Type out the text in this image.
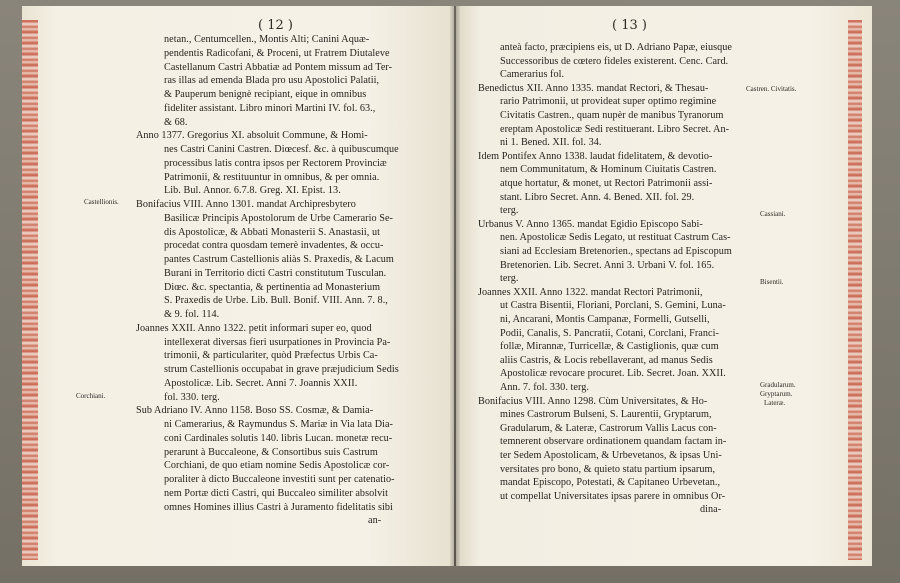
( 12 )	( 13 )
netan., Centumcellen., Montis Alti; Canini Aquæ-
pendentis Radicofani, & Proceni, ut Fratrem Diutaleve
Castellanum Castri Abbatiæ ad Pontem missum ad Ter-
ras illas ad emenda Blada pro usu Apostolici Palatii,
& Pauperum benignè recipiant, eique in omnibus
fideliter assistant. Libro minori Martini IV. fol. 63.,
& 68.
Anno 1377. Gregorius XI. absoluit Commune, & Homi-
nes Castri Canini Castren. Diœcesf. &c. à quibuscumque
processibus latis contra ipsos per Rectorem Provinciæ
Patrimonii, & restituuntur in omnibus, & per omnia.
Lib. Bul. Annor. 6.7.8. Greg. XI. Epist. 13.
Bonifacius VIII. Anno 1301. mandat Archipresbytero
Basilicæ Principis Apostolorum de Urbe Camerario Se-
dis Apostolicæ, & Abbati Monasterii S. Anastasii, ut
procedat contra quosdam temerè invadentes, & occu-
pantes Castrum Castellionis aliàs S. Praxedis, & Lacum
Burani in Territorio dicti Castri constitutum Tusculan.
Diœc. &c. spectantia, & pertinentia ad Monasterium
S. Praxedis de Urbe. Lib. Bull. Bonif. VIII. Ann. 7. 8.,
& 9. fol. 114.
Joannes XXII. Anno 1322. petit informari super eo, quod
intellexerat diversas fieri usurpationes in Provincia Pa-
trimonii, & particulariter, quòd Præfectus Urbis Ca-
strum Castellionis occupabat in grave præjudicium Sedis
Apostolicæ. Lib. Secret. Anni 7. Joannis XXII.
fol. 330. terg.
Sub Adriano IV. Anno 1158. Boso SS. Cosmæ, & Damia-
ni Camerarius, & Raymundus S. Mariæ in Via lata Dia-
coni Cardinales solutis 140. libris Lucan. monetæ recu-
perarunt à Buccaleone, & Consortibus suis Castrum
Corchiani, de quo etiam nomine Sedis Apostolicæ cor-
poraliter à dicto Buccaleone investiti sunt per catenatio-
nem Portæ dicti Castri, qui Buccaleo similiter absolvit
omnes Homines illius Castri à Juramento fidelitatis sibi
an-
anteà facto, præcipiens eis, ut D. Adriano Papæ, eiusque
Successoribus de cœtero fideles existerent. Cenc. Card.
Camerarius fol.
Benedictus XII. Anno 1335. mandat Rectori, & Thesau-
rario Patrimonii, ut provideat super optimo regimine
Civitatis Castren., quam nupèr de manibus Tyranorum
ereptam Apostolicæ Sedi restituerant. Libro Secret. An-
ni 1. Bened. XII. fol. 34.
Idem Pontifex Anno 1338. laudat fidelitatem, & devotio-
nem Communitatum, & Hominum Ciuitatis Castren.
atque hortatur, & monet, ut Rectori Patrimonii assi-
stant. Libro Secret. Ann. 4. Bened. XII. fol. 29.
terg.
Urbanus V. Anno 1365. mandat Egidio Episcopo Sabi-
nen. Apostolicæ Sedis Legato, ut restituat Castrum Cas-
siani ad Ecclesiam Bretenorien., spectans ad Episcopum
Bretenorien. Lib. Secret. Anni 3. Urbani V. fol. 165.
terg.
Joannes XXII. Anno 1322. mandat Rectori Patrimonii,
ut Castra Bisentii, Floriani, Porclani, S. Gemini, Luna-
ni, Ancarani, Montis Campanæ, Formelli, Gutselli,
Podii, Canalis, S. Pancratii, Cotani, Corclani, Franci-
follæ, Mirannæ, Turricellæ, & Castiglionis, quæ cum
aliis Castris, & Locis rebellaverant, ad manus Sedis
Apostolicæ revocare procuret. Lib. Secret. Joan. XXII.
Ann. 7. fol. 330. terg.
Bonifacius VIII. Anno 1298. Cùm Universitates, & Ho-
mines Castrorum Bulseni, S. Laurentii, Gryptarum,
Gradularum, & Lateræ, Castrorum Vallis Lacus con-
temnerent observare ordinationem quandam factam in-
ter Sedem Apostolicam, & Urbevetanos, & ipsas Uni-
versitates pro bono, & quieto statu partium ipsarum,
mandat Episcopo, Potestati, & Capitaneo Urbevetan.,
ut compellat Universitates ipsas parere in omnibus Or-
dina-
Castellionis.
Corchiani.
Castren. Civitatis.
Cassiani.
Bisentii.
Gradularum.
Gryptarum.
Lateræ.
